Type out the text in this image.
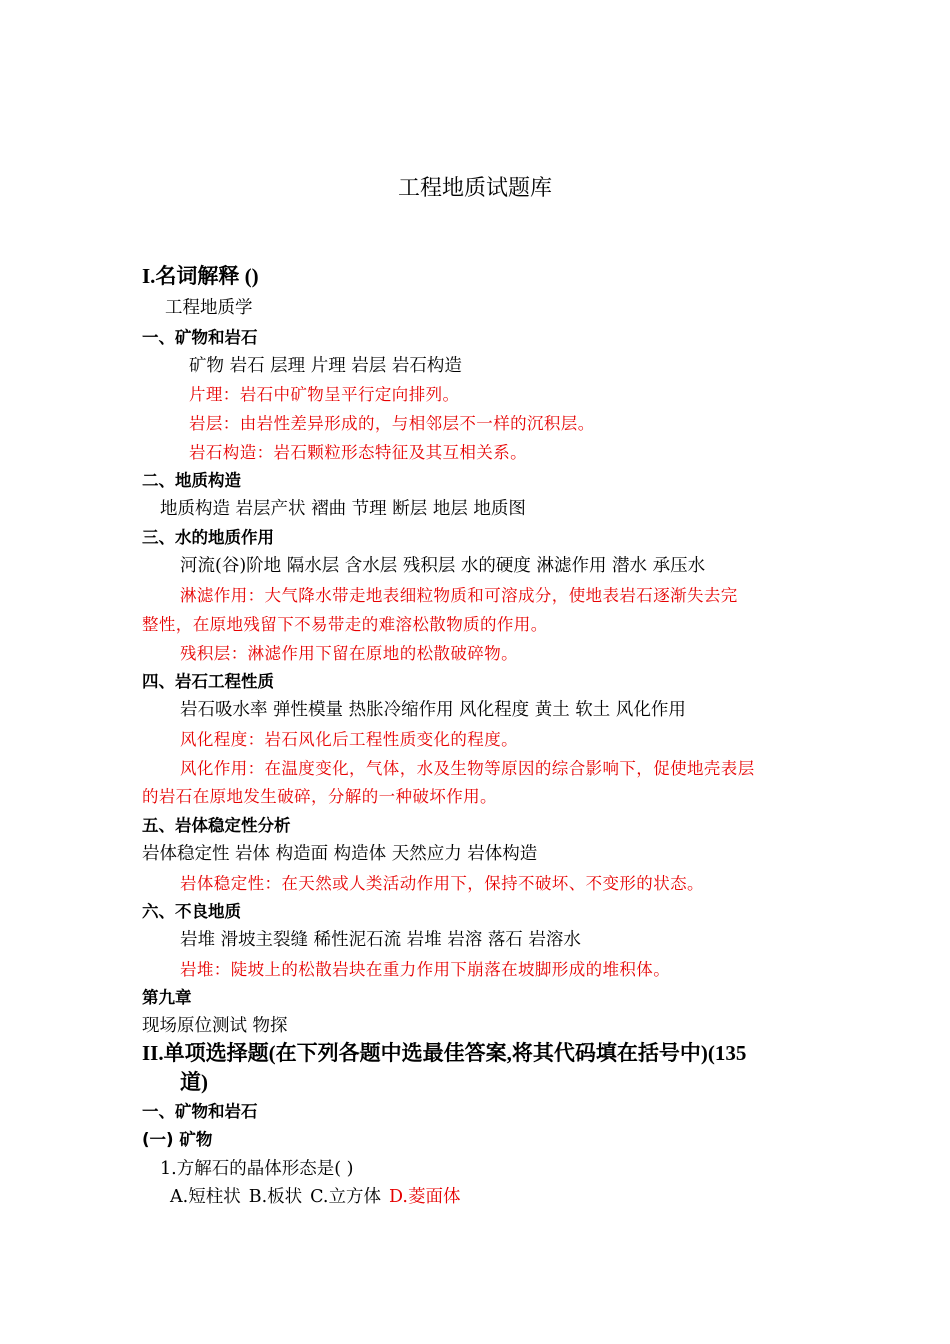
工程地质试题库
I.名词解释 ()
工程地质学
一、矿物和岩石
矿物 岩石 层理 片理 岩层 岩石构造
片理：岩石中矿物呈平行定向排列。
岩层：由岩性差异形成的，与相邻层不一样的沉积层。
岩石构造：岩石颗粒形态特征及其互相关系。
二、地质构造
地质构造 岩层产状 褶曲 节理 断层 地层 地质图
三、水的地质作用
河流(谷)阶地 隔水层 含水层 残积层 水的硬度 淋滤作用 潜水 承压水
淋滤作用：大气降水带走地表细粒物质和可溶成分，使地表岩石逐渐失去完
整性，在原地残留下不易带走的难溶松散物质的作用。
残积层：淋滤作用下留在原地的松散破碎物。
四、岩石工程性质
岩石吸水率 弹性模量 热胀冷缩作用 风化程度 黄土 软土 风化作用
风化程度：岩石风化后工程性质变化的程度。
风化作用：在温度变化，气体，水及生物等原因的综合影响下，促使地壳表层
的岩石在原地发生破碎，分解的一种破坏作用。
五、岩体稳定性分析
岩体稳定性 岩体 构造面 构造体 天然应力 岩体构造
岩体稳定性：在天然或人类活动作用下，保持不破坏、不变形的状态。
六、不良地质
岩堆 滑坡主裂缝 稀性泥石流 岩堆 岩溶 落石 岩溶水
岩堆：陡坡上的松散岩块在重力作用下崩落在坡脚形成的堆积体。
第九章
现场原位测试 物探
II.单项选择题(在下列各题中选最佳答案,将其代码填在括号中)(135
道)
一、矿物和岩石
(一) 矿物
1.方解石的晶体形态是( )
A.短柱状 B.板状 C.立方体 D.菱面体
